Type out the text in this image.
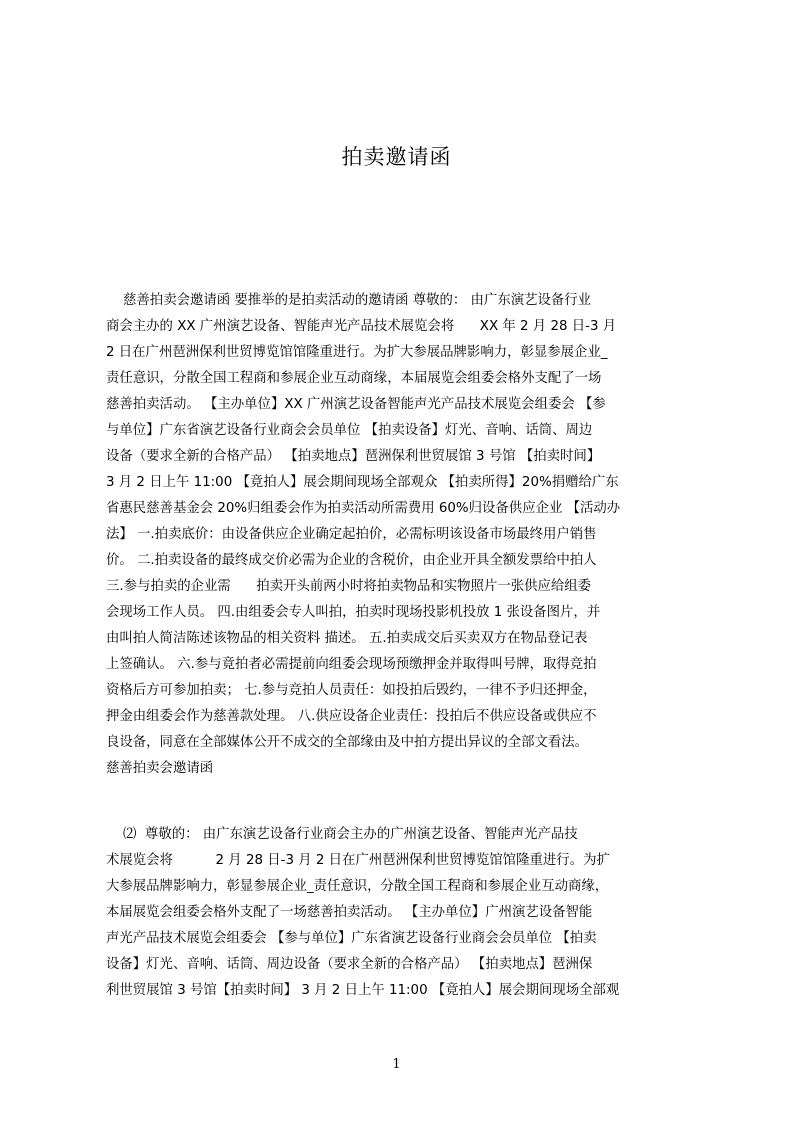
拍卖邀请函
慈善拍卖会邀请函 要推举的是拍卖活动的邀请函 尊敬的： 由广东演艺设备行业
商会主办的 XX 广州演艺设备、智能声光产品技术展览会将      XX 年 2 月 28 日-3 月
2 日在广州琶洲保利世贸博览馆馆隆重进行。为扩大参展品牌影响力，彰显参展企业_
责任意识，分散全国工程商和参展企业互动商缘，本届展览会组委会格外支配了一场
慈善拍卖活动。 【主办单位】XX 广州演艺设备智能声光产品技术展览会组委会 【参
与单位】广东省演艺设备行业商会会员单位 【拍卖设备】灯光、音响、话筒、周边
设备（要求全新的合格产品） 【拍卖地点】琶洲保利世贸展馆 3 号馆 【拍卖时间】
3 月 2 日上午 11:00 【竟拍人】展会期间现场全部观众 【拍卖所得】20%捐赠给广东
省惠民慈善基金会 20%归组委会作为拍卖活动所需费用 60%归设备供应企业 【活动办
法】 一.拍卖底价：由设备供应企业确定起拍价，必需标明该设备市场最终用户销售
价。 二.拍卖设备的最终成交价必需为企业的含税价，由企业开具全额发票给中拍人
三.参与拍卖的企业需      拍卖开头前两小时将拍卖物品和实物照片一张供应给组委
会现场工作人员。 四.由组委会专人叫拍，拍卖时现场投影机投放 1 张设备图片，并
由叫拍人简洁陈述该物品的相关资料 描述。 五.拍卖成交后买卖双方在物品登记表
上签确认。 六.参与竟拍者必需提前向组委会现场预缴押金并取得叫号牌，取得竞拍
资格后方可参加拍卖； 七.参与竞拍人员责任：如投拍后毁约，一律不予归还押金，
押金由组委会作为慈善款处理。 八.供应设备企业责任：投拍后不供应设备或供应不
良设备，同意在全部媒体公开不成交的全部缘由及中拍方提出异议的全部文看法。
慈善拍卖会邀请函
⑵  尊敬的： 由广东演艺设备行业商会主办的广州演艺设备、智能声光产品技
术展览会将          2 月 28 日-3 月 2 日在广州琶洲保利世贸博览馆馆隆重进行。为扩
大参展品牌影响力，彰显参展企业_责任意识，分散全国工程商和参展企业互动商缘，
本届展览会组委会格外支配了一场慈善拍卖活动。 【主办单位】广州演艺设备智能
声光产品技术展览会组委会 【参与单位】广东省演艺设备行业商会会员单位 【拍卖
设备】灯光、音响、话筒、周边设备（要求全新的合格产品） 【拍卖地点】琶洲保
利世贸展馆 3 号馆【拍卖时间】 3 月 2 日上午 11:00 【竟拍人】展会期间现场全部观
1
